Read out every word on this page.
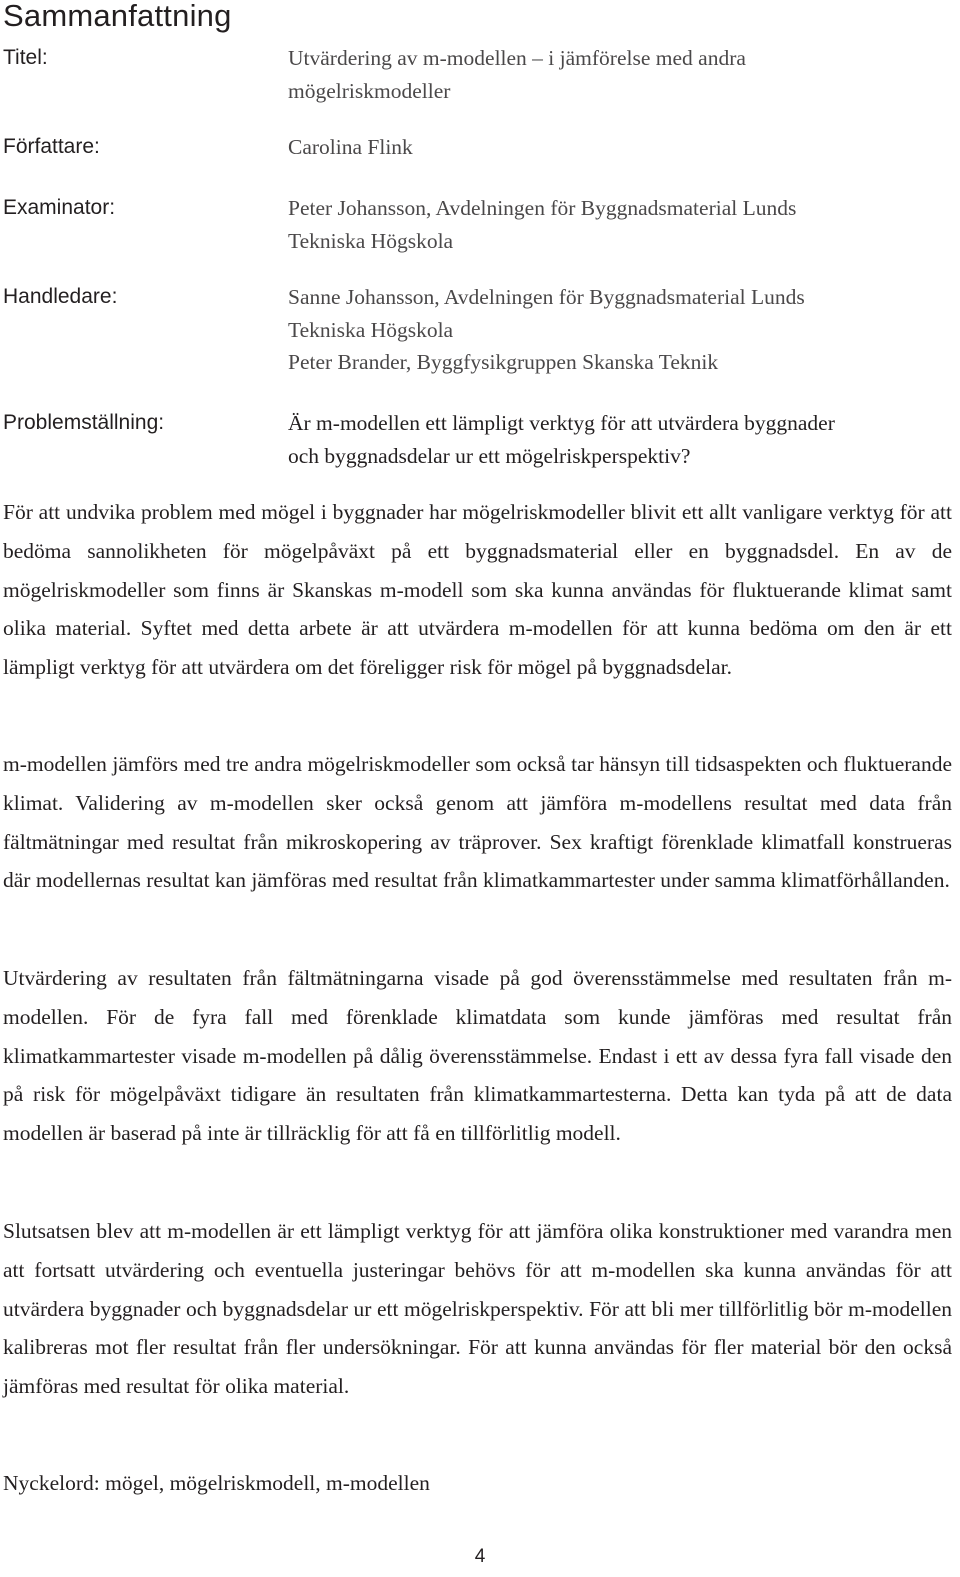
Sammanfattning
Titel:	Utvärdering av m-modellen – i jämförelse med andra
mögelriskmodeller
Författare:	Carolina Flink
Examinator:	Peter Johansson, Avdelningen för Byggnadsmaterial Lunds
Tekniska Högskola
Handledare:	Sanne Johansson, Avdelningen för Byggnadsmaterial Lunds
Tekniska Högskola
Peter Brander, Byggfysikgruppen Skanska Teknik
Problemställning:	Är m-modellen ett lämpligt verktyg för att utvärdera byggnader
och byggnadsdelar ur ett mögelriskperspektiv?

För att undvika problem med mögel i byggnader har mögelriskmodeller blivit ett allt vanligare verktyg för att bedöma sannolikheten för mögelpåväxt på ett byggnadsmaterial eller en byggnadsdel. En av de mögelriskmodeller som finns är Skanskas m-modell som ska kunna användas för fluktuerande klimat samt olika material. Syftet med detta arbete är att utvärdera m-modellen för att kunna bedöma om den är ett lämpligt verktyg för att utvärdera om det föreligger risk för mögel på byggnadsdelar.

m-modellen jämförs med tre andra mögelriskmodeller som också tar hänsyn till tidsaspekten och fluktuerande klimat. Validering av m-modellen sker också genom att jämföra m-modellens resultat med data från fältmätningar med resultat från mikroskopering av träprover. Sex kraftigt förenklade klimatfall konstrueras där modellernas resultat kan jämföras med resultat från klimatkammartester under samma klimatförhållanden.

Utvärdering av resultaten från fältmätningarna visade på god överensstämmelse med resultaten från m-modellen. För de fyra fall med förenklade klimatdata som kunde jämföras med resultat från klimatkammartester visade m-modellen på dålig överensstämmelse. Endast i ett av dessa fyra fall visade den på risk för mögelpåväxt tidigare än resultaten från klimatkammartesterna. Detta kan tyda på att de data modellen är baserad på inte är tillräcklig för att få en tillförlitlig modell.

Slutsatsen blev att m-modellen är ett lämpligt verktyg för att jämföra olika konstruktioner med varandra men att fortsatt utvärdering och eventuella justeringar behövs för att m-modellen ska kunna användas för att utvärdera byggnader och byggnadsdelar ur ett mögelriskperspektiv. För att bli mer tillförlitlig bör m-modellen kalibreras mot fler resultat från fler undersökningar. För att kunna användas för fler material bör den också jämföras med resultat för olika material.

Nyckelord: mögel, mögelriskmodell, m-modellen
4
